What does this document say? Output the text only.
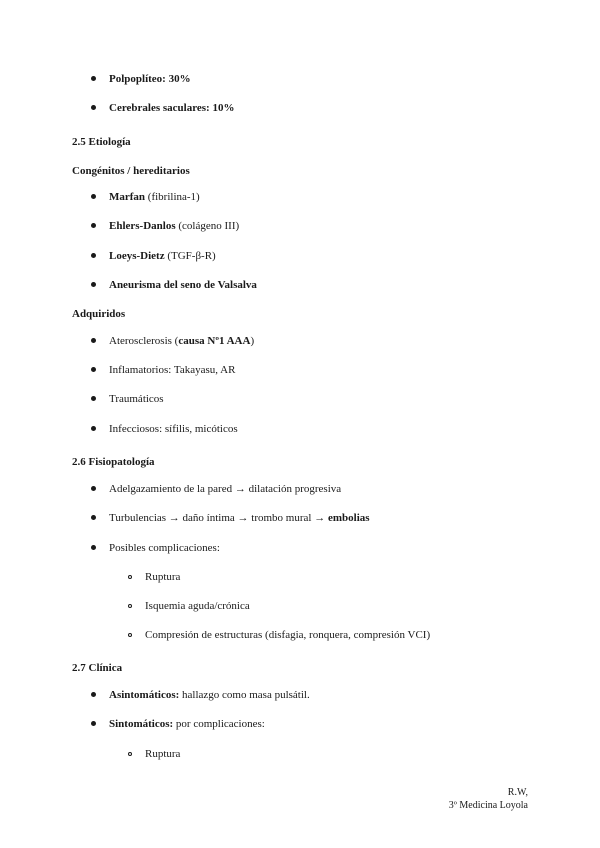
Polpoplíteo: 30%
Cerebrales saculares: 10%
2.5 Etiología
Congénitos / hereditarios
Marfan (fibrilina-1)
Ehlers-Danlos (colágeno III)
Loeys-Dietz (TGF-β-R)
Aneurisma del seno de Valsalva
Adquiridos
Aterosclerosis (causa Nº1 AAA)
Inflamatorios: Takayasu, AR
Traumáticos
Infecciosos: sífilis, micóticos
2.6 Fisiopatología
Adelgazamiento de la pared → dilatación progresiva
Turbulencias → daño íntima → trombo mural → embolias
Posibles complicaciones:
Ruptura
Isquemia aguda/crónica
Compresión de estructuras (disfagia, ronquera, compresión VCI)
2.7 Clínica
Asintomáticos: hallazgo como masa pulsátil.
Sintomáticos: por complicaciones:
Ruptura
R.W,
3º Medicina Loyola
